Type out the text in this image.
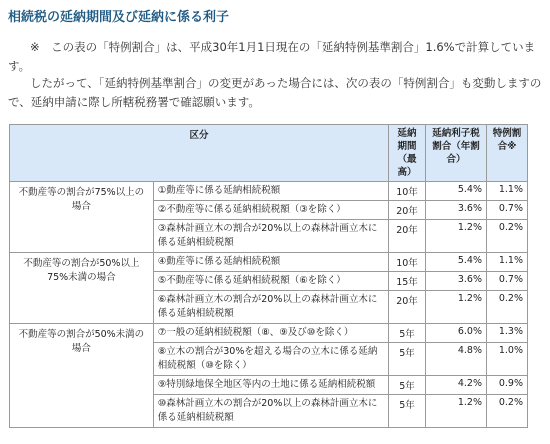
相続税の延納期間及び延納に係る利子
※　この表の「特例割合」は、平成30年1月1日現在の「延納特例基準割合」1.6%で計算しています。
したがって、「延納特例基準割合」の変更があった場合には、次の表の「特例割合」も変動しますので、延納申請に際し所轄税務署で確認願います。
区分		延納期間（最高）	延納利子税割合（年割合）	特例割合※
不動産等の割合が75%以上の場合	①動産等に係る延納相続税額	10年	5.4%	1.1%
	②不動産等に係る延納相続税額（③を除く）	20年	3.6%	0.7%
	③森林計画立木の割合が20%以上の森林計画立木に係る延納相続税額	20年	1.2%	0.2%
不動産等の割合が50%以上75%未満の場合	④動産等に係る延納相続税額	10年	5.4%	1.1%
	⑤不動産等に係る延納相続税額（⑥を除く）	15年	3.6%	0.7%
	⑥森林計画立木の割合が20%以上の森林計画立木に係る延納相続税額	20年	1.2%	0.2%
不動産等の割合が50%未満の場合	⑦一般の延納相続税額（⑧、⑨及び⑩を除く）	5年	6.0%	1.3%
	⑧立木の割合が30%を超える場合の立木に係る延納相続税額（⑩を除く）	5年	4.8%	1.0%
	⑨特別緑地保全地区等内の土地に係る延納相続税額	5年	4.2%	0.9%
	⑩森林計画立木の割合が20%以上の森林計画立木に係る延納相続税額	5年	1.2%	0.2%
